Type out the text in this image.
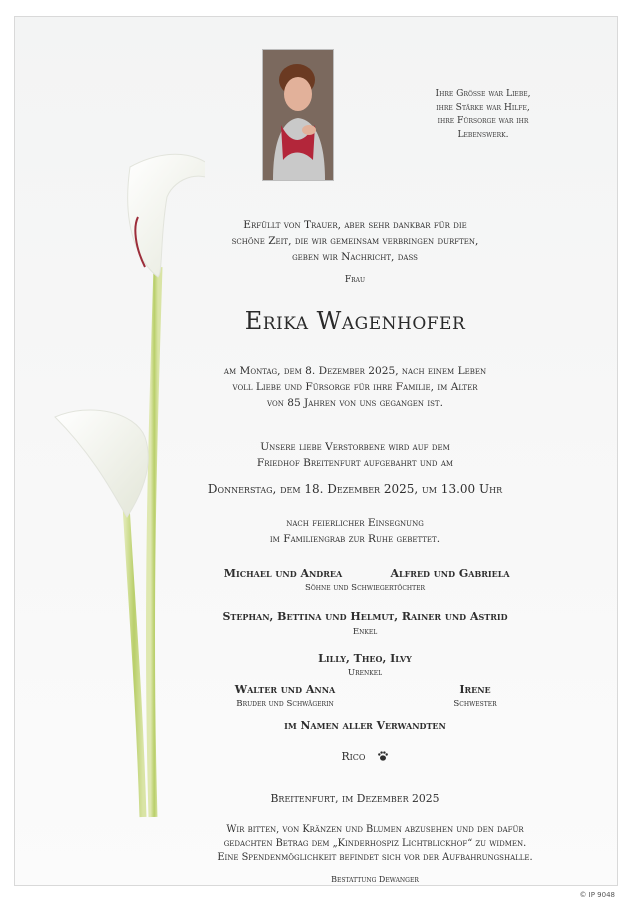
Ihre Größe war Liebe,
ihre Stärke war Hilfe,
ihre Fürsorge war ihr
Lebenswerk.
Erfüllt von Trauer, aber sehr dankbar für die
schöne Zeit, die wir gemeinsam verbringen durften,
geben wir Nachricht, dass
Frau
Erika Wagenhofer
am Montag, dem 8. Dezember 2025, nach einem Leben
voll Liebe und Fürsorge für ihre Familie, im Alter
von 85 Jahren von uns gegangen ist.
Unsere liebe Verstorbene wird auf dem
Friedhof Breitenfurt aufgebahrt und am
Donnerstag, dem 18. Dezember 2025, um 13.00 Uhr
nach feierlicher Einsegnung
im Familiengrab zur Ruhe gebettet.
Michael und Andrea	Alfred und Gabriela
Söhne und Schwiegertöchter
Stephan, Bettina und Helmut, Rainer und Astrid
Enkel
Lilly, Theo, Ilvy
Urenkel
Walter und Anna
Bruder und Schwägerin
Irene
Schwester
im Namen aller Verwandten
Rico
Breitenfurt, im Dezember 2025
Wir bitten, von Kränzen und Blumen abzusehen und den dafür
gedachten Betrag dem „Kinderhospiz Lichtblickhof“ zu widmen.
Eine Spendenmöglichkeit befindet sich vor der Aufbahrungshalle.
Bestattung Dewanger
© IP 9048
